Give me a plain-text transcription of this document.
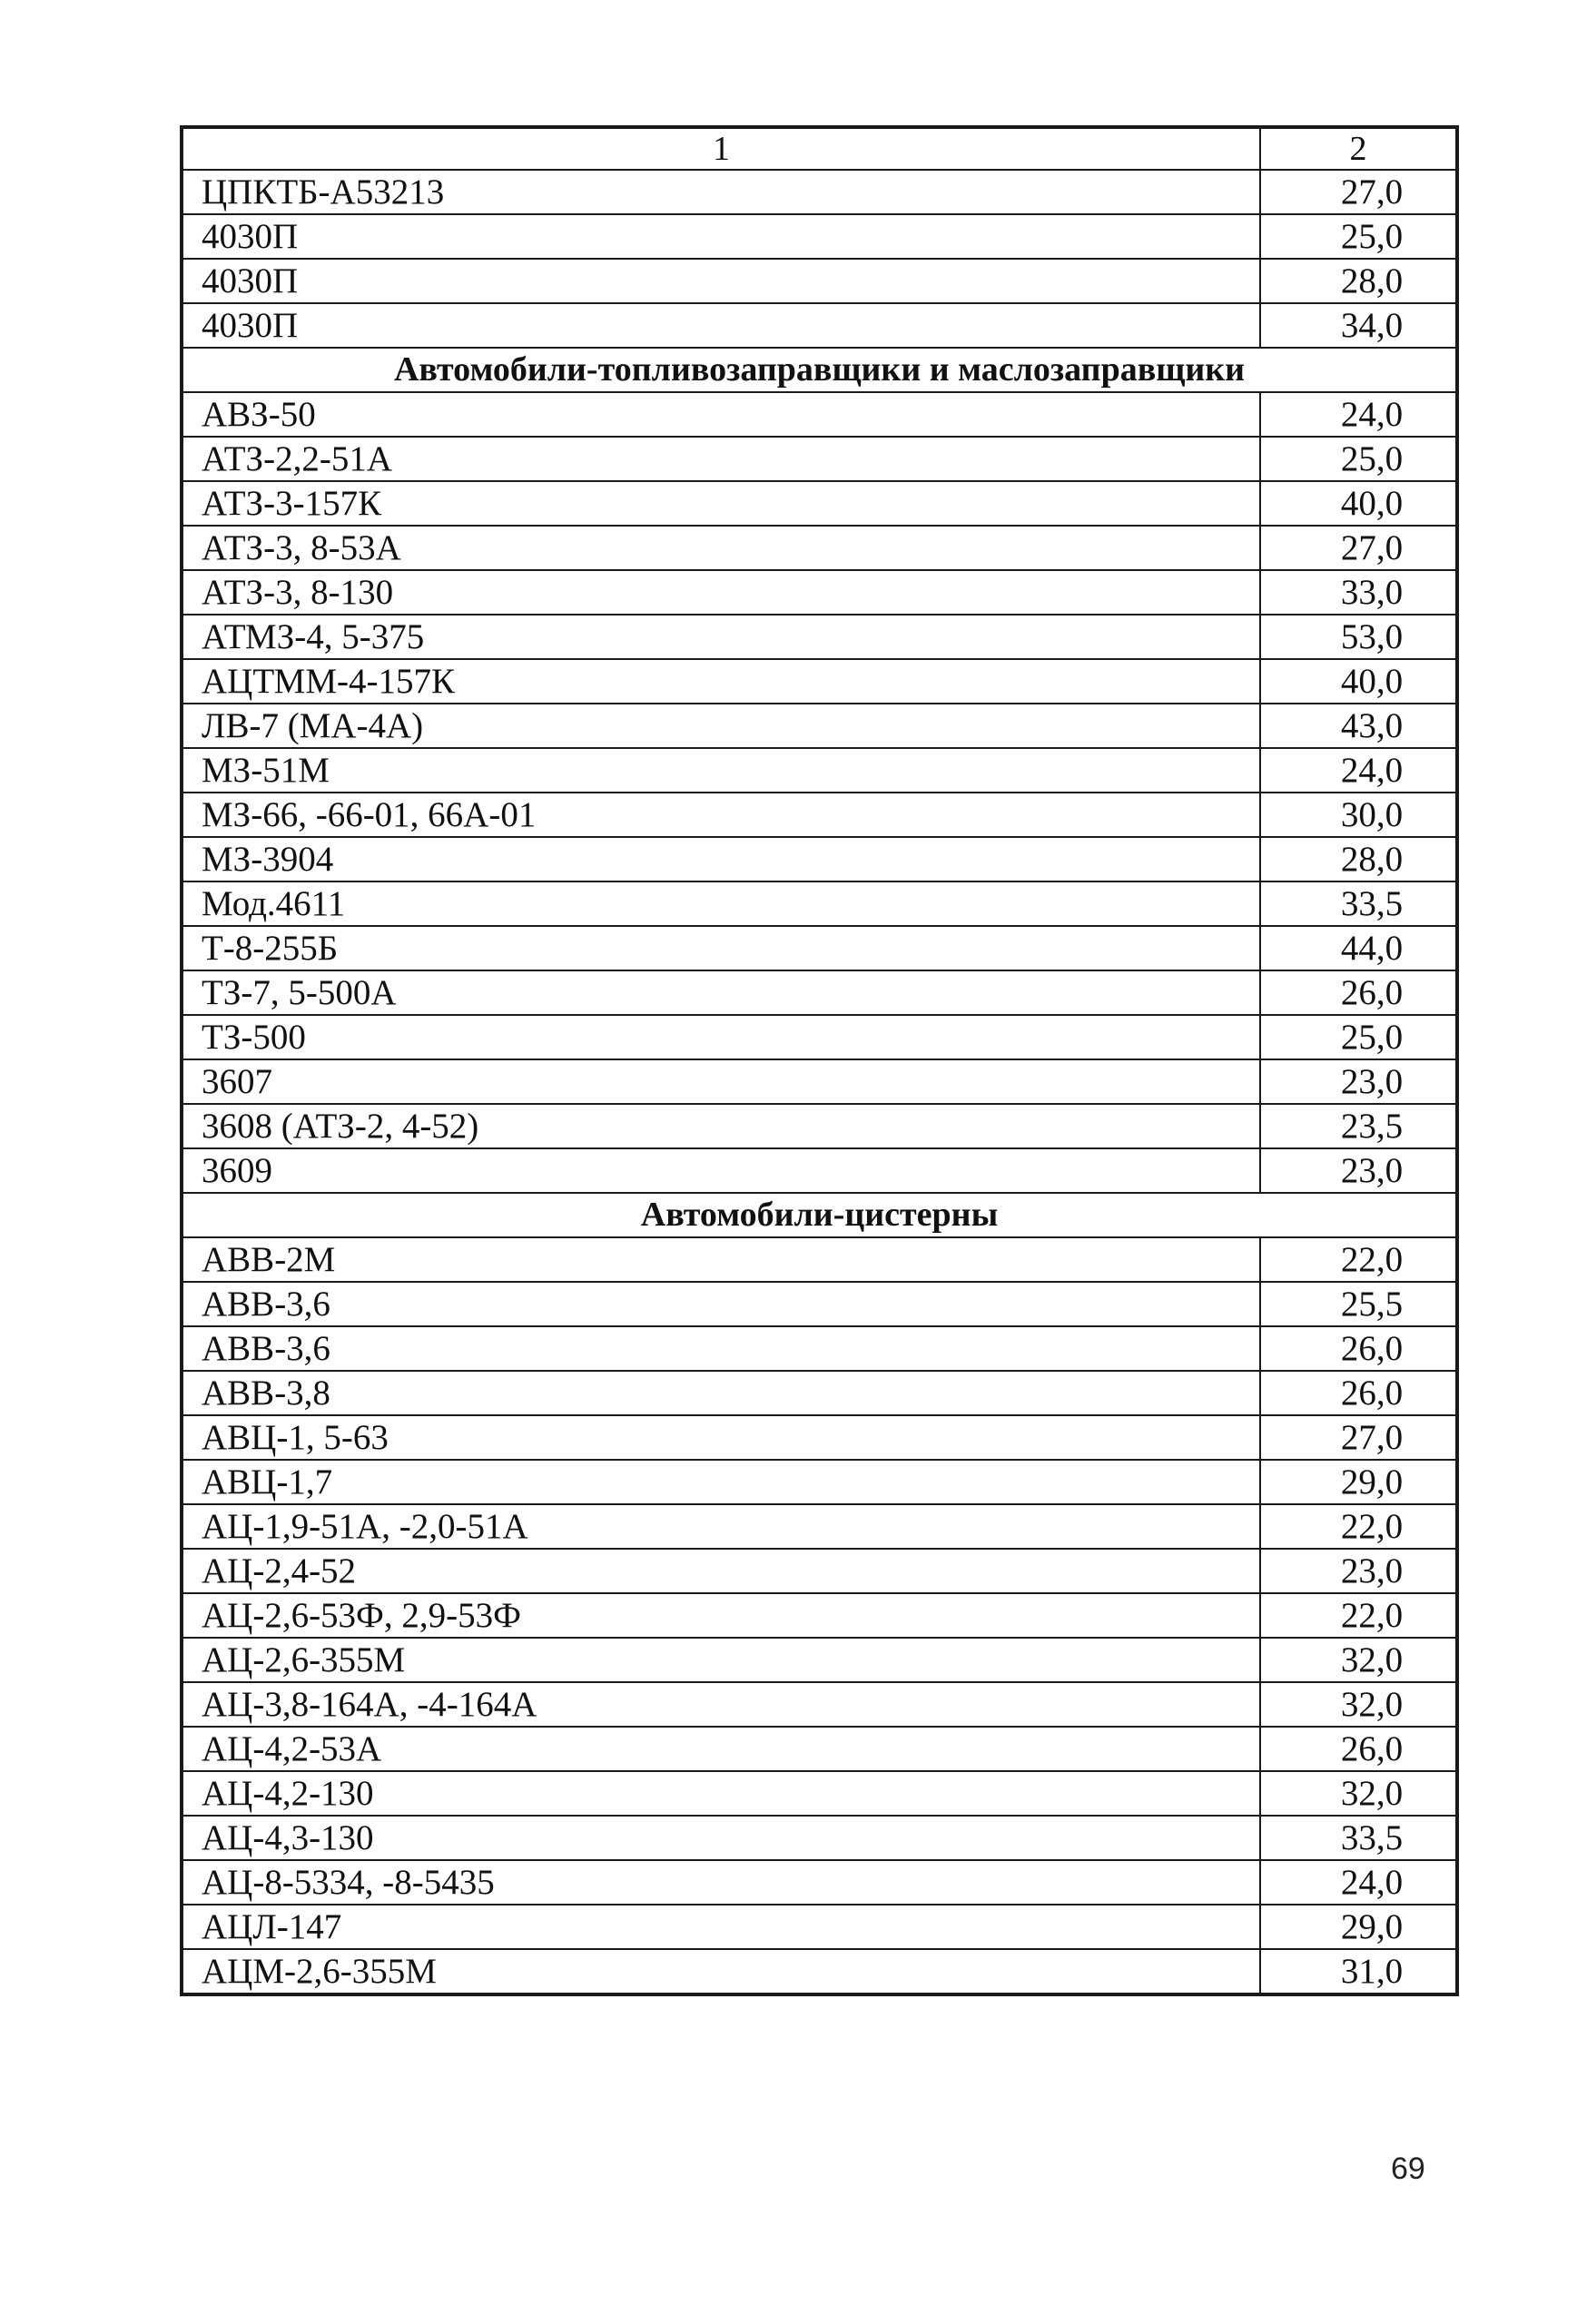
1	2
ЦПКТБ-А53213	27,0
4030П	25,0
4030П	28,0
4030П	34,0
Автомобили-топливозаправщики и маслозаправщики	
АВЗ-50	24,0
АТЗ-2,2-51А	25,0
АТЗ-3-157К	40,0
АТЗ-3, 8-53А	27,0
АТЗ-3, 8-130	33,0
АТМЗ-4, 5-375	53,0
АЦТММ-4-157К	40,0
ЛВ-7 (МА-4А)	43,0
МЗ-51М	24,0
МЗ-66, -66-01, 66А-01	30,0
МЗ-3904	28,0
Мод.4611	33,5
Т-8-255Б	44,0
ТЗ-7, 5-500А	26,0
ТЗ-500	25,0
3607	23,0
3608 (АТЗ-2, 4-52)	23,5
3609	23,0
Автомобили-цистерны	
АВВ-2М	22,0
АВВ-3,6	25,5
АВВ-3,6	26,0
АВВ-3,8	26,0
АВЦ-1, 5-63	27,0
АВЦ-1,7	29,0
АЦ-1,9-51А, -2,0-51А	22,0
АЦ-2,4-52	23,0
АЦ-2,6-53Ф, 2,9-53Ф	22,0
АЦ-2,6-355М	32,0
АЦ-3,8-164А, -4-164А	32,0
АЦ-4,2-53А	26,0
АЦ-4,2-130	32,0
АЦ-4,3-130	33,5
АЦ-8-5334, -8-5435	24,0
АЦЛ-147	29,0
АЦМ-2,6-355М	31,0
69
